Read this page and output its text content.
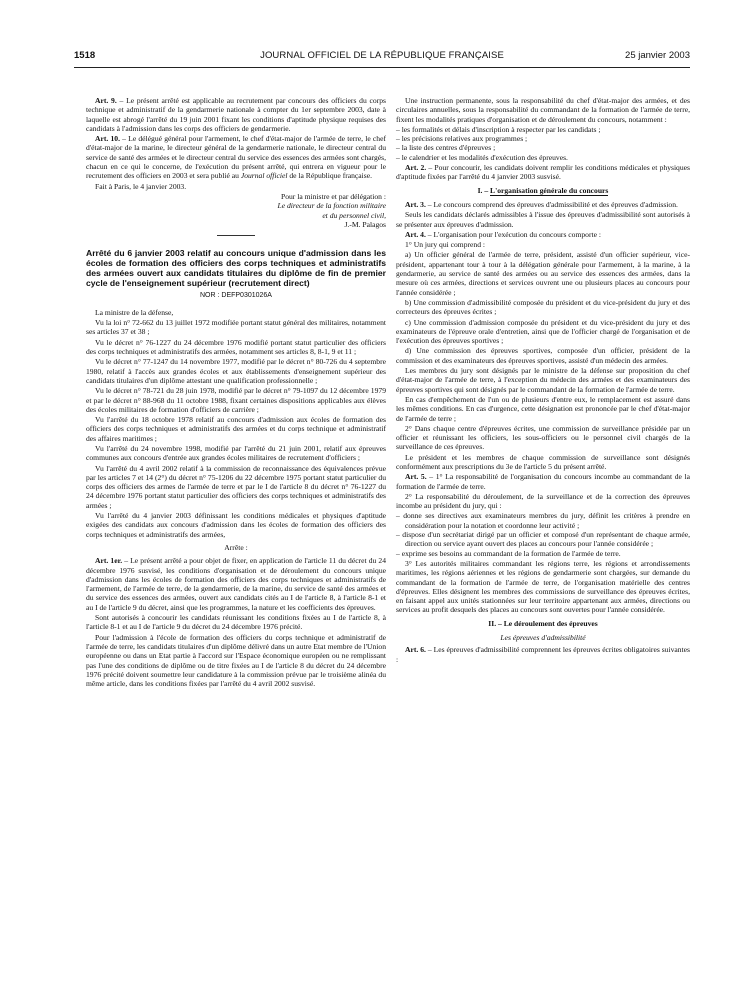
1518	JOURNAL OFFICIEL DE LA RÉPUBLIQUE FRANÇAISE	25 janvier 2003

Art. 9. – Le présent arrêté est applicable au recrutement par concours des officiers du corps technique et administratif de la gendarmerie nationale à compter du 1er septembre 2003, date à laquelle est abrogé l'arrêté du 19 juin 2001 fixant les conditions d'aptitude physique requises des candidats à l'admission dans les corps des officiers de gendarmerie.

Art. 10. – Le délégué général pour l'armement, le chef d'état-major de l'armée de terre, le chef d'état-major de la marine, le directeur général de la gendarmerie nationale, le directeur central du service de santé des armées et le directeur central du service des essences des armées sont chargés, chacun en ce qui le concerne, de l'exécution du présent arrêté, qui entrera en vigueur pour le recrutement des officiers en 2003 et sera publié au Journal officiel de la République française.

Fait à Paris, le 4 janvier 2003.

Pour la ministre et par délégation :
Le directeur de la fonction militaire
et du personnel civil,
J.-M. Palagos

Arrêté du 6 janvier 2003 relatif au concours unique d'admission dans les écoles de formation des officiers des corps techniques et administratifs des armées ouvert aux candidats titulaires du diplôme de fin de premier cycle de l'enseignement supérieur (recrutement direct)

NOR : DEFP0301026A

La ministre de la défense,

Vu la loi n° 72-662 du 13 juillet 1972 modifiée portant statut général des militaires, notamment ses articles 37 et 38 ;

Vu le décret n° 76-1227 du 24 décembre 1976 modifié portant statut particulier des officiers des corps techniques et administratifs des armées, notamment ses articles 8, 8-1, 9 et 11 ;

Vu le décret n° 77-1247 du 14 novembre 1977, modifié par le décret n° 80-726 du 4 septembre 1980, relatif à l'accès aux grandes écoles et aux établissements d'enseignement supérieur des candidats titulaires d'un diplôme attestant une qualification professionnelle ;

Vu le décret n° 78-721 du 28 juin 1978, modifié par le décret n° 79-1097 du 12 décembre 1979 et par le décret n° 88-968 du 11 octobre 1988, fixant certaines dispositions applicables aux élèves des écoles militaires de formation d'officiers de carrière ;

Vu l'arrêté du 18 octobre 1978 relatif au concours d'admission aux écoles de formation des officiers des corps techniques et administratifs des armées et du corps technique et administratif des affaires maritimes ;

Vu l'arrêté du 24 novembre 1998, modifié par l'arrêté du 21 juin 2001, relatif aux épreuves communes aux concours d'entrée aux grandes écoles militaires de recrutement d'officiers ;

Vu l'arrêté du 4 avril 2002 relatif à la commission de reconnaissance des équivalences prévue par les articles 7 et 14 (2°) du décret n° 75-1206 du 22 décembre 1975 portant statut particulier du corps des officiers des armes de l'armée de terre et par le I de l'article 8 du décret n° 76-1227 du 24 décembre 1976 portant statut particulier des officiers des corps techniques et administratifs des armées ;

Vu l'arrêté du 4 janvier 2003 définissant les conditions médicales et physiques d'aptitude exigées des candidats aux concours d'admission dans les écoles de formation des officiers des corps techniques et administratifs des armées,

Arrête :

Art. 1er. – Le présent arrêté a pour objet de fixer, en application de l'article 11 du décret du 24 décembre 1976 susvisé, les conditions d'organisation et de déroulement du concours unique d'admission dans les écoles de formation des officiers des corps techniques et administratifs de l'armement, de l'armée de terre, de la gendarmerie, de la marine, du service de santé des armées et du service des essences des armées, ouvert aux candidats cités au I de l'article 8, à l'article 8-1 et au I de l'article 9 du décret, ainsi que les programmes, la nature et les coefficients des épreuves.

Sont autorisés à concourir les candidats réunissant les conditions fixées au I de l'article 8, à l'article 8-1 et au I de l'article 9 du décret du 24 décembre 1976 précité.

Pour l'admission à l'école de formation des officiers du corps technique et administratif de l'armée de terre, les candidats titulaires d'un diplôme délivré dans un autre Etat membre de l'Union européenne ou dans un Etat partie à l'accord sur l'Espace économique européen ou ne remplissant pas l'une des conditions de diplôme ou de titre fixées au I de l'article 8 du décret du 24 décembre 1976 précité doivent soumettre leur candidature à la commission prévue par le troisième alinéa du même article, dans les conditions fixées par l'arrêté du 4 avril 2002 susvisé.

Une instruction permanente, sous la responsabilité du chef d'état-major des armées, et des circulaires annuelles, sous la responsabilité du commandant de la formation de l'armée de terre, fixent les modalités pratiques d'organisation et de déroulement du concours, notamment :

– les formalités et délais d'inscription à respecter par les candidats ;
– les précisions relatives aux programmes ;
– la liste des centres d'épreuves ;
– le calendrier et les modalités d'exécution des épreuves.

Art. 2. – Pour concourir, les candidats doivent remplir les conditions médicales et physiques d'aptitude fixées par l'arrêté du 4 janvier 2003 susvisé.

I. – L'organisation générale du concours

Art. 3. – Le concours comprend des épreuves d'admissibilité et des épreuves d'admission.

Seuls les candidats déclarés admissibles à l'issue des épreuves d'admissibilité sont autorisés à se présenter aux épreuves d'admission.

Art. 4. – L'organisation pour l'exécution du concours comporte :

1° Un jury qui comprend :

a) Un officier général de l'armée de terre, président, assisté d'un officier supérieur, vice-président, appartenant tour à tour à la délégation générale pour l'armement, à la marine, à la gendarmerie, au service de santé des armées ou au service des essences des armées, dans la mesure où ces armées, directions et services ouvrent une ou plusieurs places au concours pour l'année considérée ;

b) Une commission d'admissibilité composée du président et du vice-président du jury et des correcteurs des épreuves écrites ;

c) Une commission d'admission composée du président et du vice-président du jury et des examinateurs de l'épreuve orale d'entretien, ainsi que de l'officier chargé de l'organisation et de l'exécution des épreuves sportives ;

d) Une commission des épreuves sportives, composée d'un officier, président de la commission et des examinateurs des épreuves sportives, assisté d'un médecin des armées.

Les membres du jury sont désignés par le ministre de la défense sur proposition du chef d'état-major de l'armée de terre, à l'exception du médecin des armées et des examinateurs des épreuves sportives qui sont désignés par le commandant de la formation de l'armée de terre.

En cas d'empêchement de l'un ou de plusieurs d'entre eux, le remplacement est assuré dans les mêmes conditions. En cas d'urgence, cette désignation est prononcée par le chef d'état-major de l'armée de terre ;

2° Dans chaque centre d'épreuves écrites, une commission de surveillance présidée par un officier et réunissant les officiers, les sous-officiers ou le personnel civil chargés de la surveillance de ces épreuves.

Le président et les membres de chaque commission de surveillance sont désignés conformément aux prescriptions du 3e de l'article 5 du présent arrêté.

Art. 5. – 1° La responsabilité de l'organisation du concours incombe au commandant de la formation de l'armée de terre.

2° La responsabilité du déroulement, de la surveillance et de la correction des épreuves incombe au président du jury, qui :

– donne ses directives aux examinateurs membres du jury, définit les critères à prendre en considération pour la notation et coordonne leur activité ;
– dispose d'un secrétariat dirigé par un officier et composé d'un représentant de chaque armée, direction ou service ayant ouvert des places au concours pour l'année considérée ;
– exprime ses besoins au commandant de la formation de l'armée de terre.

3° Les autorités militaires commandant les régions terre, les régions et arrondissements maritimes, les régions aériennes et les régions de gendarmerie sont chargées, sur demande du commandant de la formation de l'armée de terre, de l'organisation matérielle des centres d'épreuves. Elles désignent les membres des commissions de surveillance des épreuves écrites, en faisant appel aux unités stationnées sur leur territoire appartenant aux armées, directions ou services au profit desquels des places au concours sont ouvertes pour l'année considérée.

II. – Le déroulement des épreuves

Les épreuves d'admissibilité

Art. 6. – Les épreuves d'admissibilité comprennent les épreuves écrites obligatoires suivantes :
